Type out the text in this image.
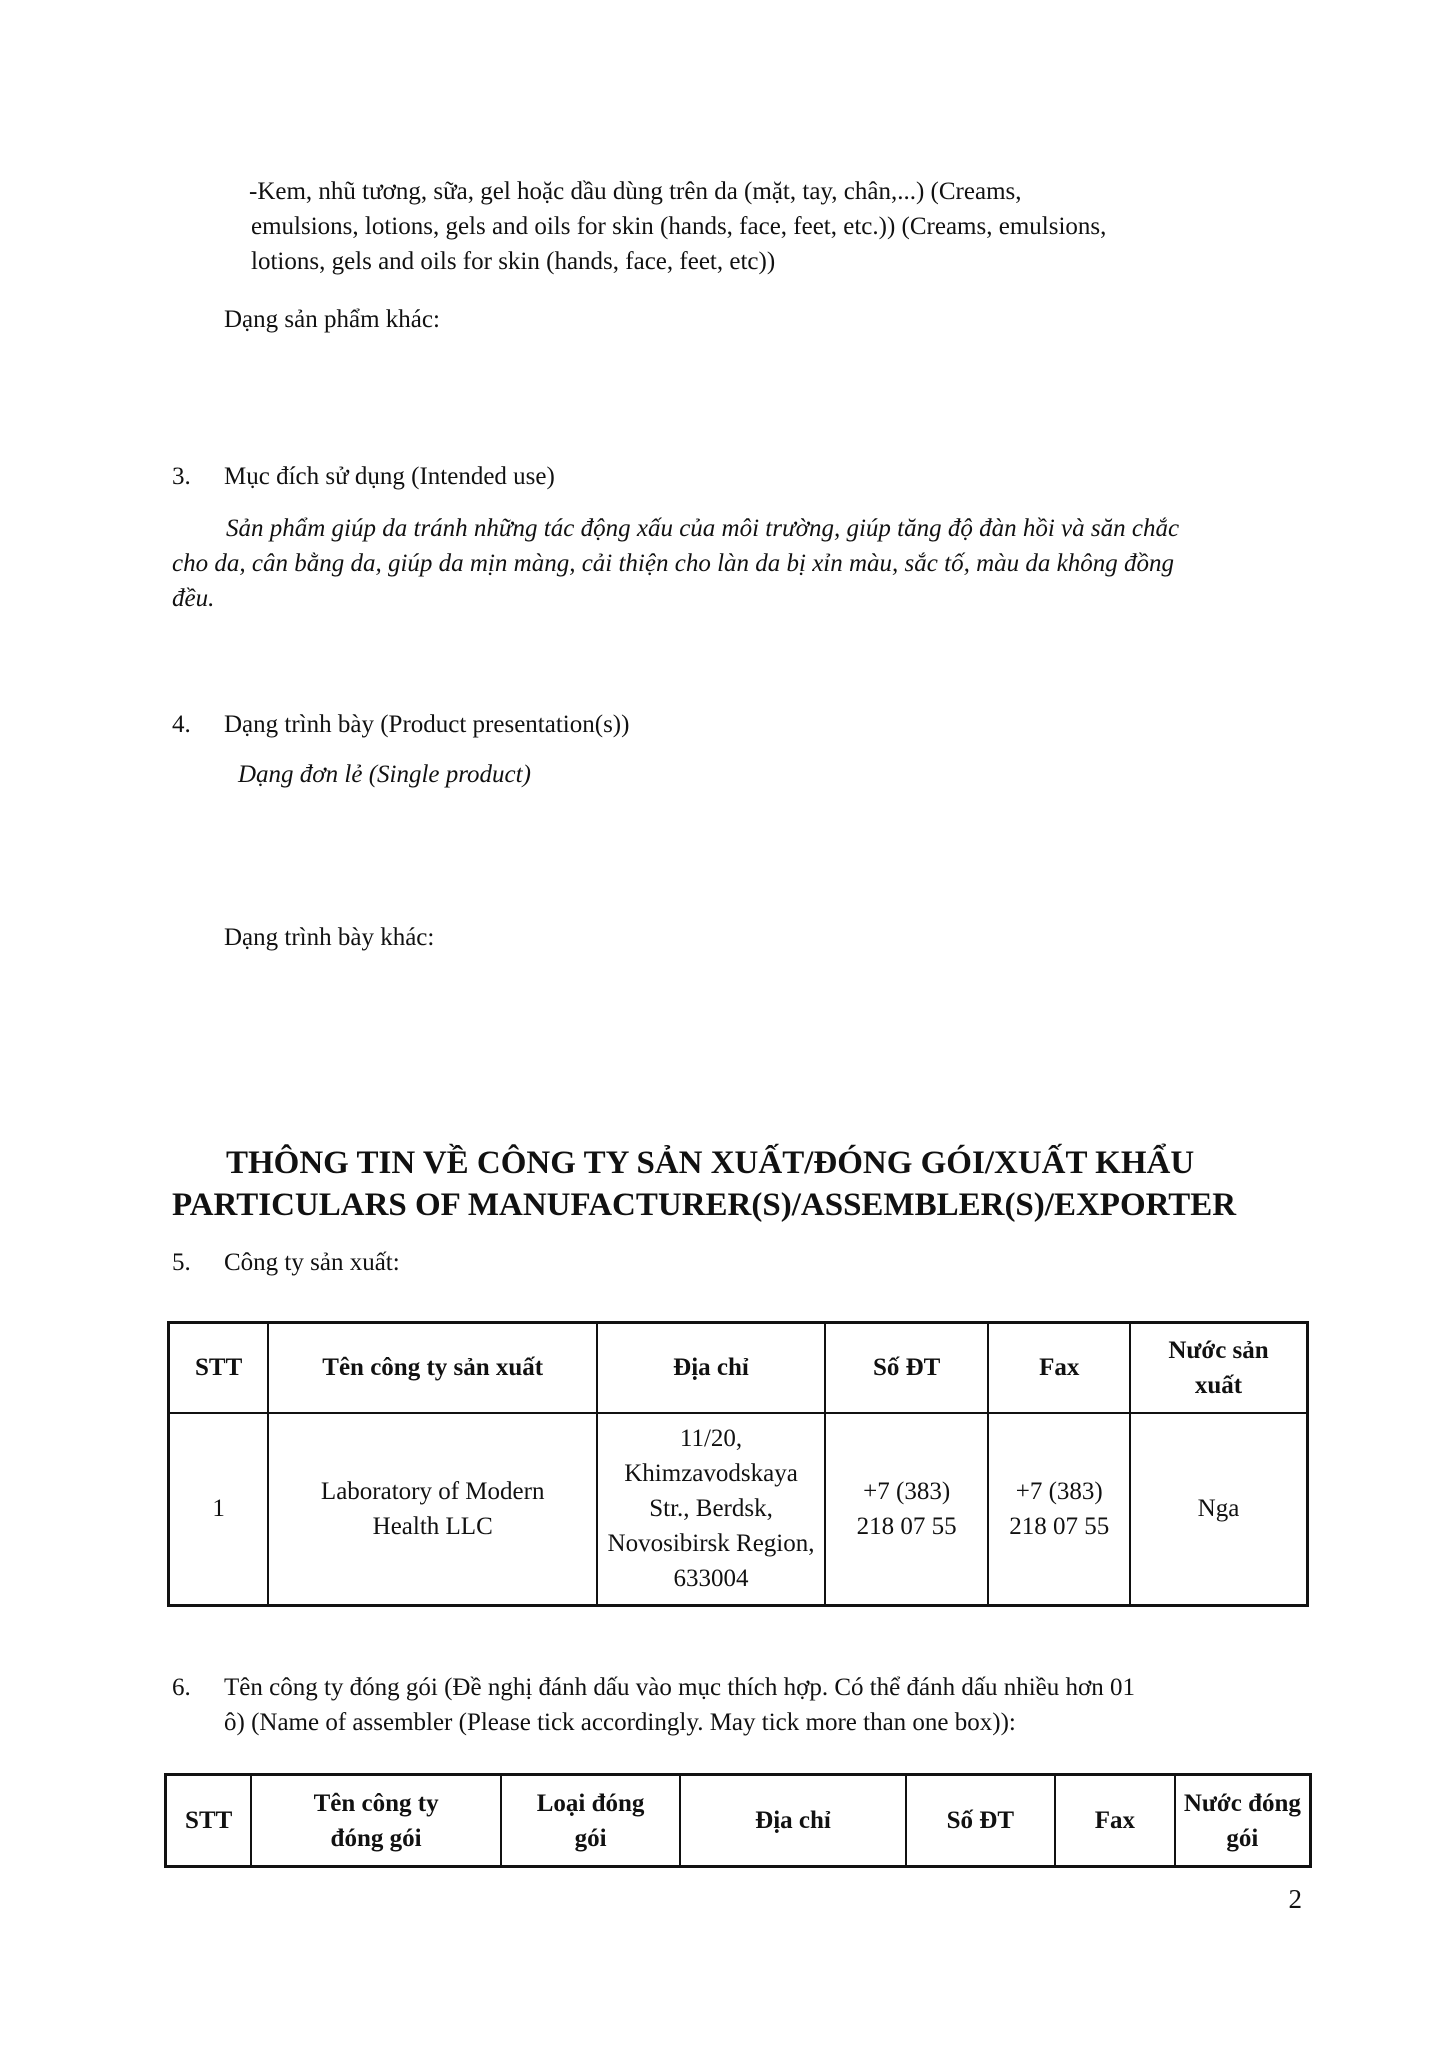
-Kem, nhũ tương, sữa, gel hoặc dầu dùng trên da (mặt, tay, chân,...) (Creams,

emulsions, lotions, gels and oils for skin (hands, face, feet, etc.)) (Creams, emulsions,

lotions, gels and oils for skin (hands, face, feet, etc))

Dạng sản phẩm khác:

3. Mục đích sử dụng (Intended use)

Sản phẩm giúp da tránh những tác động xấu của môi trường, giúp tăng độ đàn hồi và săn chắc

cho da, cân bằng da, giúp da mịn màng, cải thiện cho làn da bị xỉn màu, sắc tố, màu da không đồng

đều.

4. Dạng trình bày (Product presentation(s))

Dạng đơn lẻ (Single product)

Dạng trình bày khác:

THÔNG TIN VỀ CÔNG TY SẢN XUẤT/ĐÓNG GÓI/XUẤT KHẨU

PARTICULARS OF MANUFACTURER(S)/ASSEMBLER(S)/EXPORTER

5. Công ty sản xuất:

STT	Tên công ty sản xuất	Địa chỉ	Số ĐT	Fax	Nước sản xuất
1	Laboratory of Modern Health LLC	11/20, Khimzavodskaya Str., Berdsk, Novosibirsk Region, 633004	+7 (383) 218 07 55	+7 (383) 218 07 55	Nga

6. Tên công ty đóng gói (Đề nghị đánh dấu vào mục thích hợp. Có thể đánh dấu nhiều hơn 01

ô) (Name of assembler (Please tick accordingly. May tick more than one box)):

STT	Tên công ty đóng gói	Loại đóng gói	Địa chỉ	Số ĐT	Fax	Nước đóng gói
2
